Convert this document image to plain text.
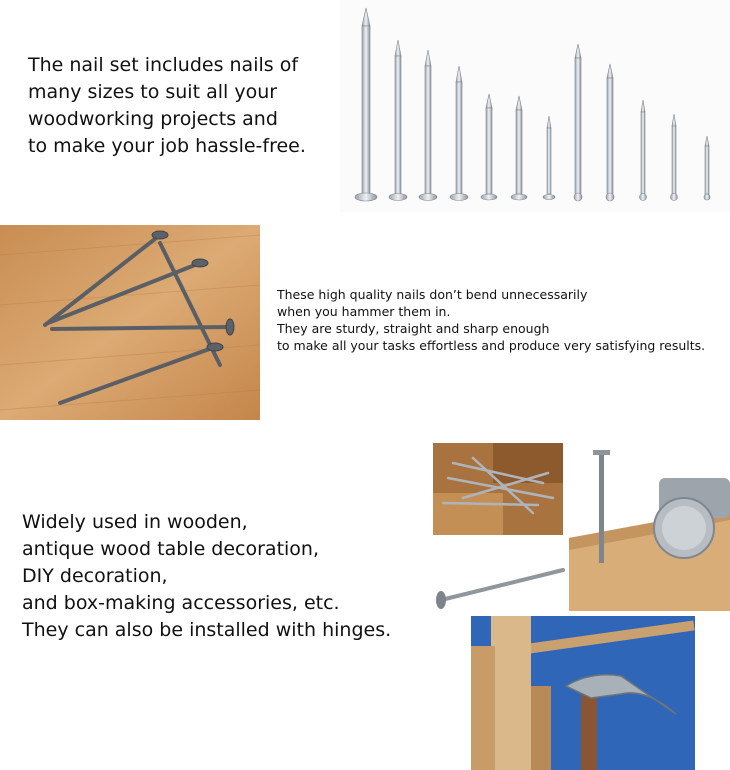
The nail set includes nails of
many sizes to suit all your
woodworking projects and
to make your job hassle-free.
These high quality nails don’t bend unnecessarily
when you hammer them in.
They are sturdy, straight and sharp enough
to make all your tasks effortless and produce very satisfying results.
Widely used in wooden,
antique wood table decoration,
DIY decoration,
and box-making accessories, etc.
They can also be installed with hinges.
